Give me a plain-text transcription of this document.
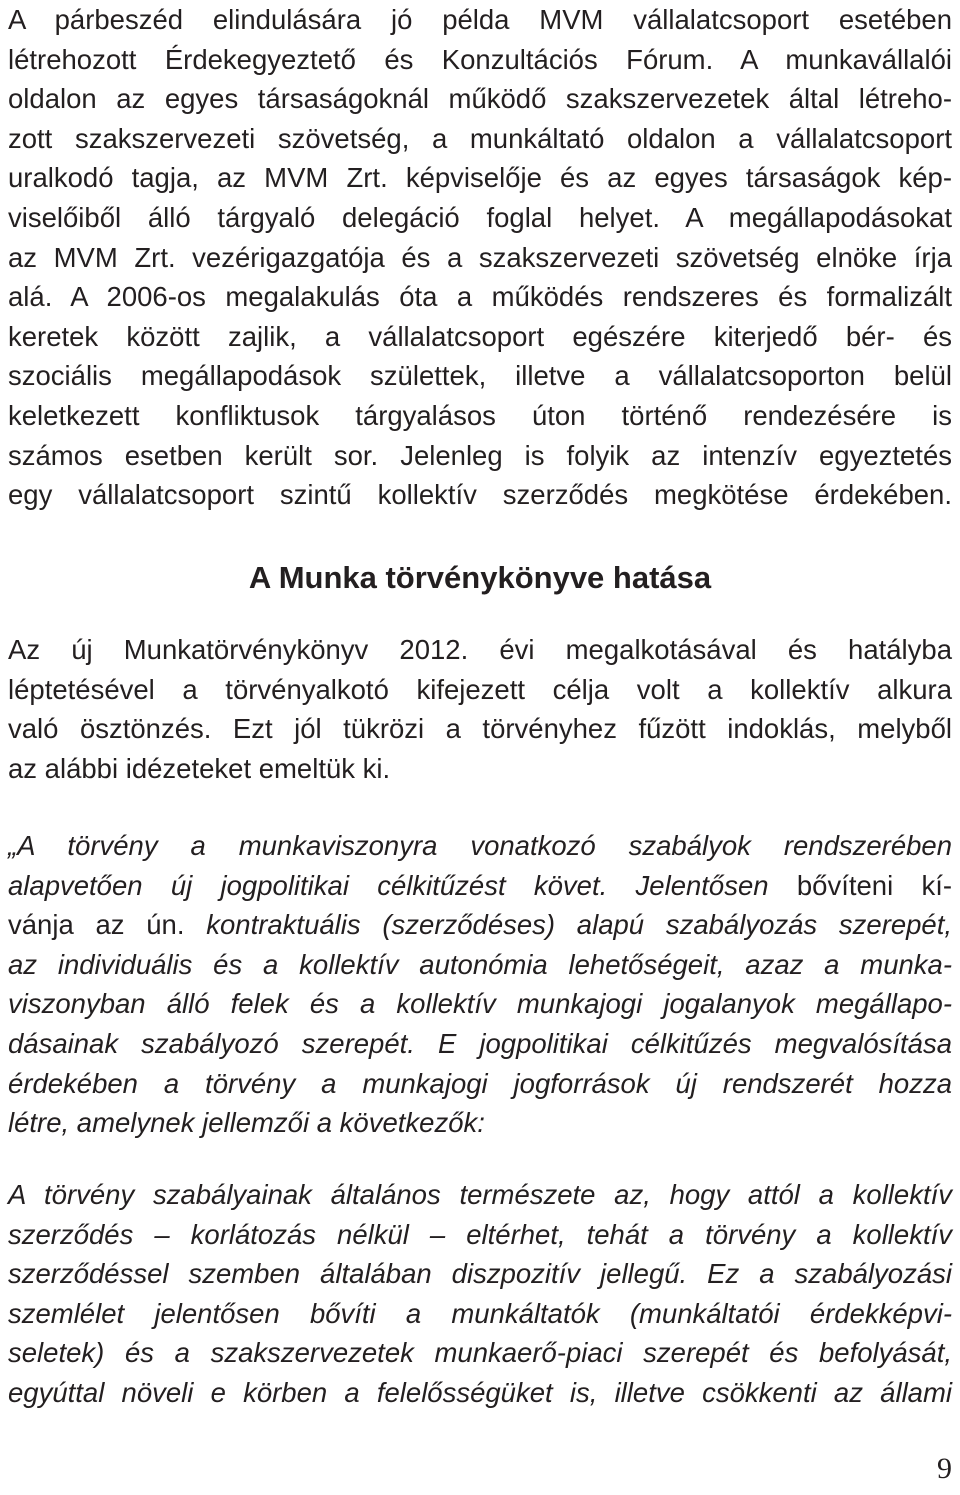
A párbeszéd elindulására jó példa MVM vállalatcsoport esetében
létrehozott Érdekegyeztető és Konzultációs Fórum. A munkavállalói
oldalon az egyes társaságoknál működő szakszervezetek által létreho-
zott szakszervezeti szövetség, a munkáltató oldalon a vállalatcsoport
uralkodó tagja, az MVM Zrt. képviselője és az egyes társaságok kép-
viselőiből álló tárgyaló delegáció foglal helyet. A megállapodásokat
az MVM Zrt. vezérigazgatója és a szakszervezeti szövetség elnöke írja
alá. A 2006-os megalakulás óta a működés rendszeres és formalizált
keretek között zajlik, a vállalatcsoport egészére kiterjedő bér- és
szociális megállapodások születtek, illetve a vállalatcsoporton belül
keletkezett konfliktusok tárgyalásos úton történő rendezésére is
számos esetben került sor. Jelenleg is folyik az intenzív egyeztetés
egy vállalatcsoport szintű kollektív szerződés megkötése érdekében.

A Munka törvénykönyve hatása

Az új Munkatörvénykönyv 2012. évi megalkotásával és hatályba
léptetésével a törvényalkotó kifejezett célja volt a kollektív alkura
való ösztönzés. Ezt jól tükrözi a törvényhez fűzött indoklás, melyből
az alábbi idézeteket emeltük ki.

„A törvény a munkaviszonyra vonatkozó szabályok rendszerében
alapvetően új jogpolitikai célkitűzést követ. Jelentősen bővíteni kí-
vánja az ún. kontraktuális (szerződéses) alapú szabályozás szerepét,
az individuális és a kollektív autonómia lehetőségeit, azaz a munka-
viszonyban álló felek és a kollektív munkajogi jogalanyok megállapo-
dásainak szabályozó szerepét. E jogpolitikai célkitűzés megvalósítása
érdekében a törvény a munkajogi jogforrások új rendszerét hozza
létre, amelynek jellemzői a következők:

A törvény szabályainak általános természete az, hogy attól a kollektív
szerződés – korlátozás nélkül – eltérhet, tehát a törvény a kollektív
szerződéssel szemben általában diszpozitív jellegű. Ez a szabályozási
szemlélet jelentősen bővíti a munkáltatók (munkáltatói érdekképvi-
seletek) és a szakszervezetek munkaerő-piaci szerepét és befolyását,
egyúttal növeli e körben a felelősségüket is, illetve csökkenti az állami

9
